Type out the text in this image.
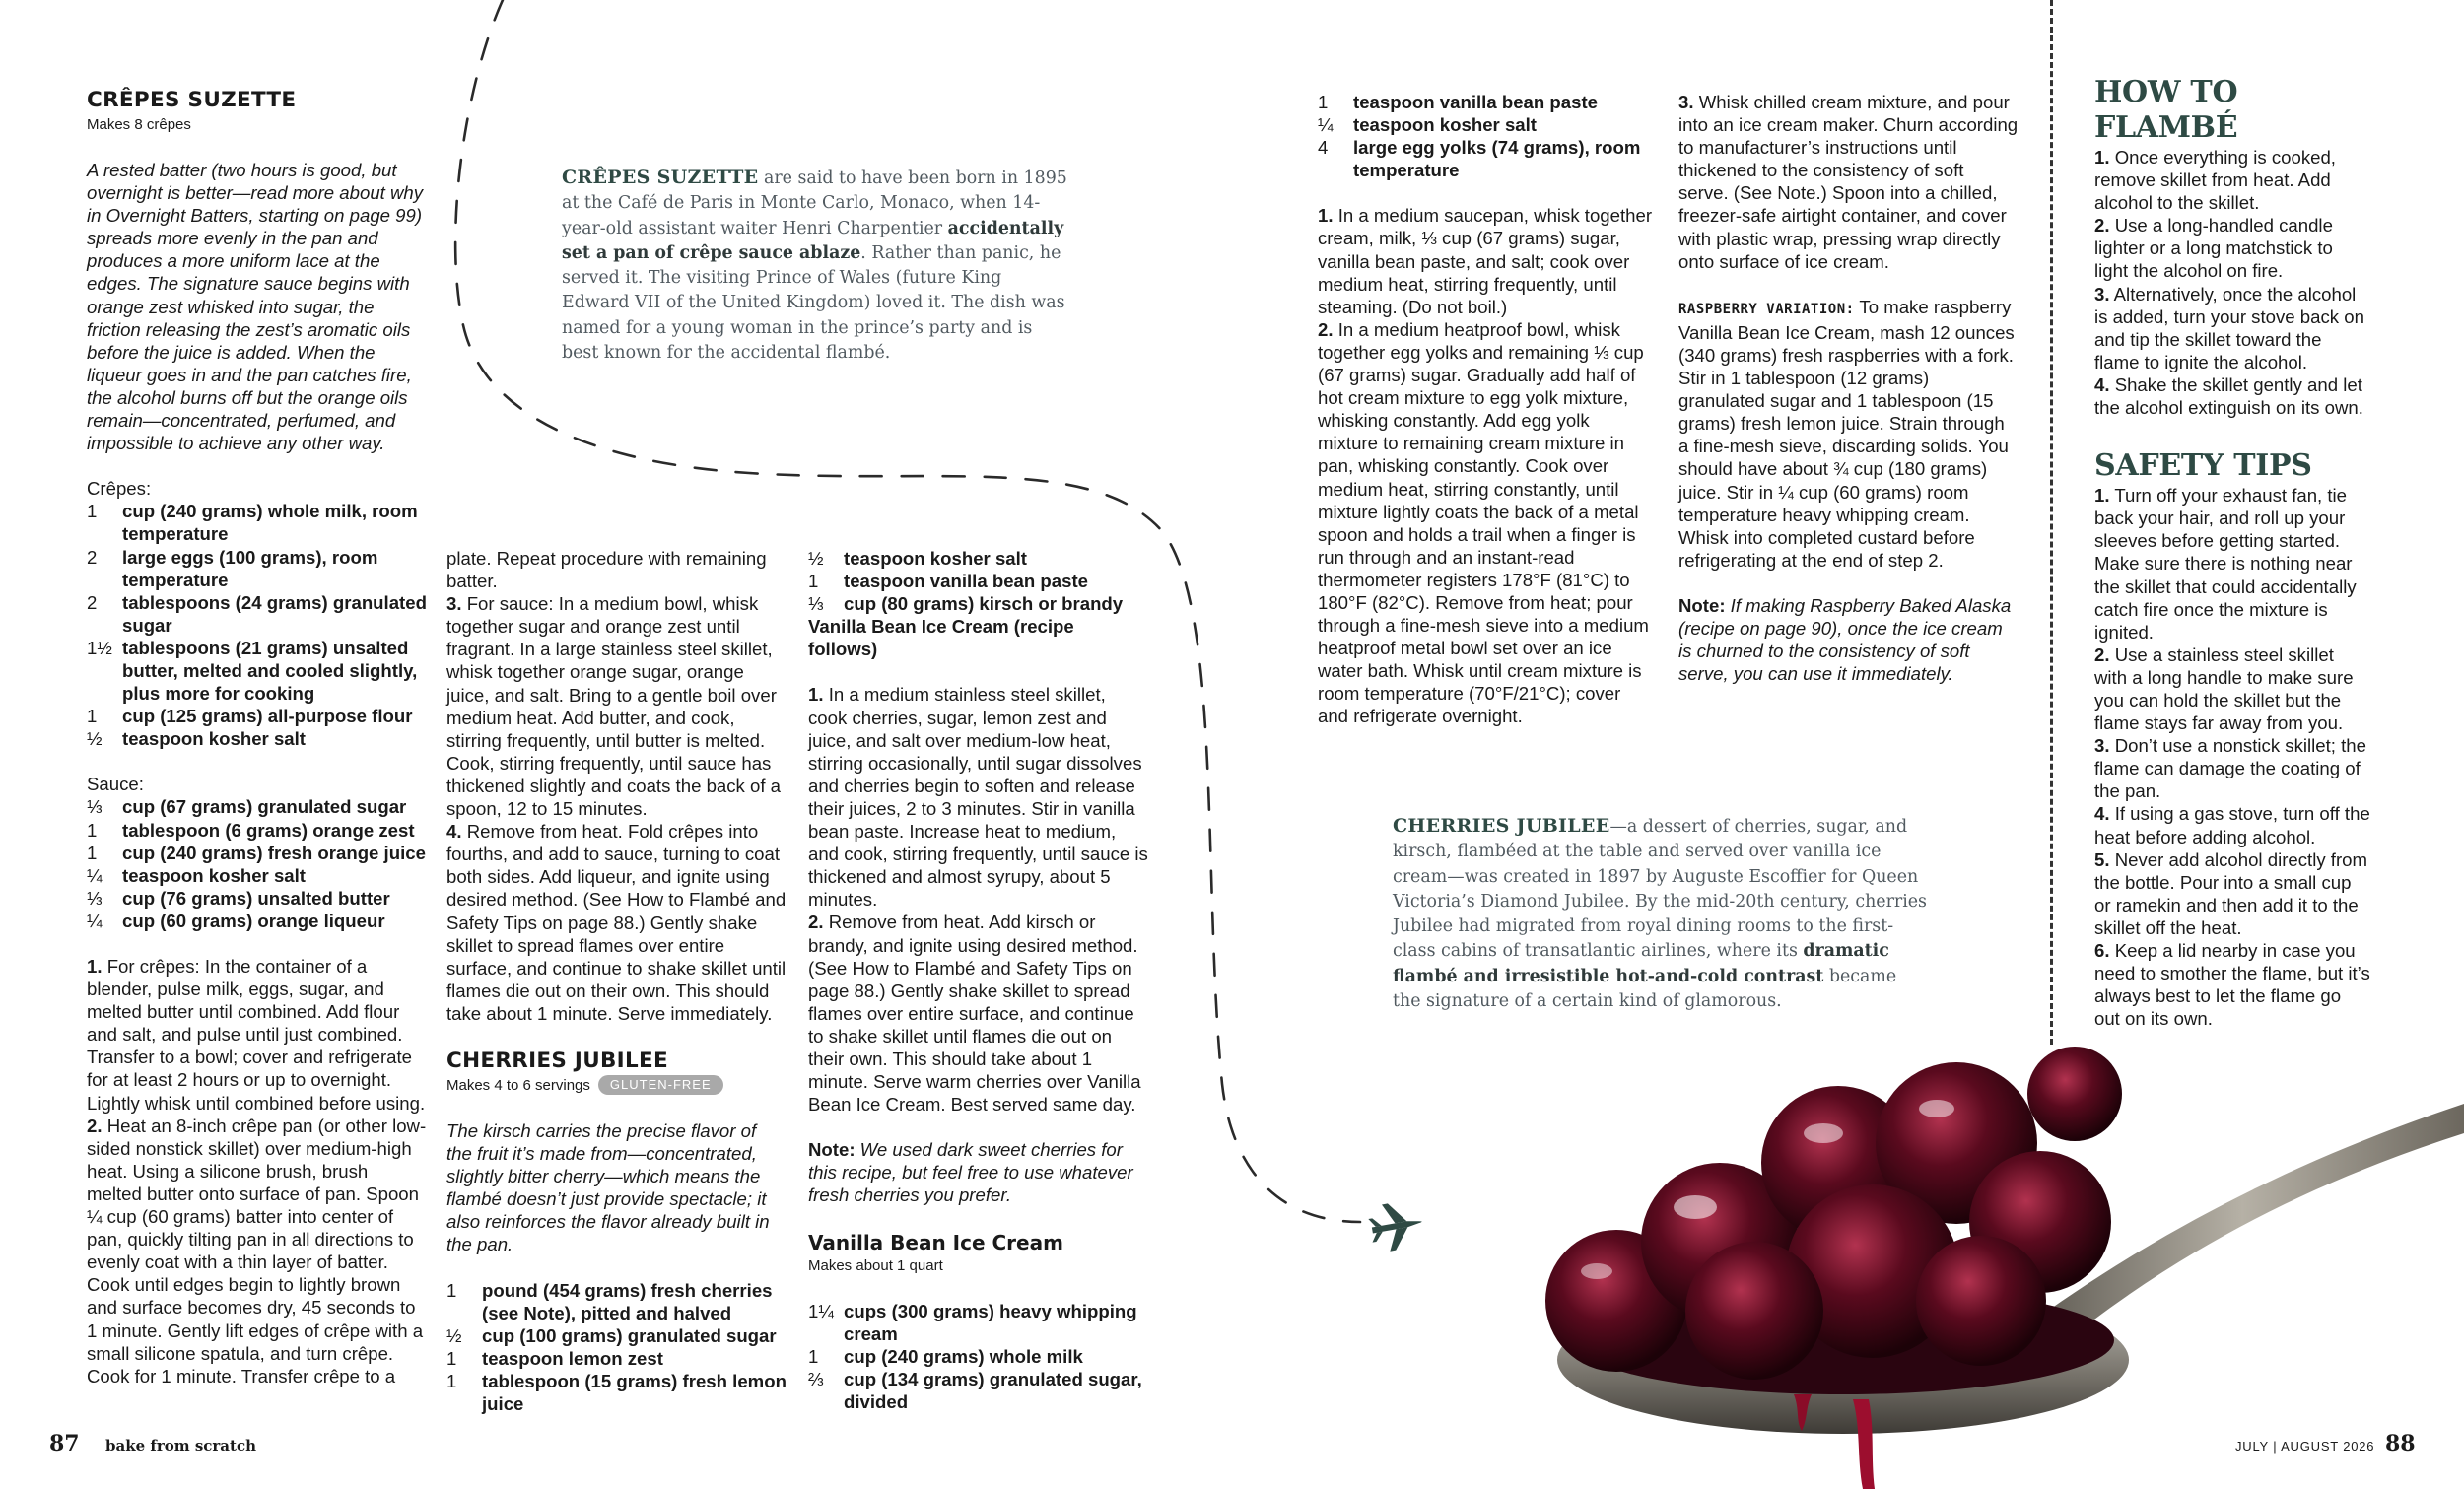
CRÊPES SUZETTE

Makes 8 crêpes

A rested batter (two hours is good, but overnight is better—read more about why in Overnight Batters, starting on page 99) spreads more evenly in the pan and produces a more uniform lace at the edges. The signature sauce begins with orange zest whisked into sugar, the friction releasing the zest’s aromatic oils before the juice is added. When the liqueur goes in and the pan catches fire, the alcohol burns off but the orange oils remain—concentrated, perfumed, and impossible to achieve any other way.

Crêpes:

1	cup (240 grams) whole milk, room temperature
2	large eggs (100 grams), room temperature
2	tablespoons (24 grams) granulated sugar
1½ tablespoons (21 grams) unsalted butter, melted and cooled slightly, plus more for cooking
1	cup (125 grams) all-purpose flour
½	teaspoon kosher salt

Sauce:

⅓	cup (67 grams) granulated sugar
1	tablespoon (6 grams) orange zest
1	cup (240 grams) fresh orange juice
¼	teaspoon kosher salt
⅓	cup (76 grams) unsalted butter
¼	cup (60 grams) orange liqueur

1. For crêpes: In the container of a blender, pulse milk, eggs, sugar, and melted butter until combined. Add flour and salt, and pulse until just combined. Transfer to a bowl; cover and refrigerate for at least 2 hours or up to overnight. Lightly whisk until combined before using.

2. Heat an 8-inch crêpe pan (or other low-sided nonstick skillet) over medium-high heat. Using a silicone brush, brush melted butter onto surface of pan. Spoon ¼ cup (60 grams) batter into center of pan, quickly tilting pan in all directions to evenly coat with a thin layer of batter. Cook until edges begin to lightly brown and surface becomes dry, 45 seconds to 1 minute. Gently lift edges of crêpe with a small silicone spatula, and turn crêpe. Cook for 1 minute. Transfer crêpe to a

CRÊPES SUZETTE are said to have been born in 1895 at the Café de Paris in Monte Carlo, Monaco, when 14-year-old assistant waiter Henri Charpentier accidentally set a pan of crêpe sauce ablaze. Rather than panic, he served it. The visiting Prince of Wales (future King Edward VII of the United Kingdom) loved it. The dish was named for a young woman in the prince’s party and is best known for the accidental flambé.

plate. Repeat procedure with remaining batter.

3. For sauce: In a medium bowl, whisk together sugar and orange zest until fragrant. In a large stainless steel skillet, whisk together orange sugar, orange juice, and salt. Bring to a gentle boil over medium heat. Add butter, and cook, stirring frequently, until butter is melted. Cook, stirring frequently, until sauce has thickened slightly and coats the back of a spoon, 12 to 15 minutes.

4. Remove from heat. Fold crêpes into fourths, and add to sauce, turning to coat both sides. Add liqueur, and ignite using desired method. (See How to Flambé and Safety Tips on page 88.) Gently shake skillet to spread flames over entire surface, and continue to shake skillet until flames die out on their own. This should take about 1 minute. Serve immediately.

CHERRIES JUBILEE

Makes 4 to 6 servings GLUTEN-FREE

The kirsch carries the precise flavor of the fruit it’s made from—concentrated, slightly bitter cherry—which means the flambé doesn’t just provide spectacle; it also reinforces the flavor already built in the pan.

1	pound (454 grams) fresh cherries (see Note), pitted and halved
½	cup (100 grams) granulated sugar
1	teaspoon lemon zest
1	tablespoon (15 grams) fresh lemon juice
½	teaspoon kosher salt
1	teaspoon vanilla bean paste
⅓	cup (80 grams) kirsch or brandy

Vanilla Bean Ice Cream (recipe follows)

1. In a medium stainless steel skillet, cook cherries, sugar, lemon zest and juice, and salt over medium-low heat, stirring occasionally, until sugar dissolves and cherries begin to soften and release their juices, 2 to 3 minutes. Stir in vanilla bean paste. Increase heat to medium, and cook, stirring frequently, until sauce is thickened and almost syrupy, about 5 minutes.

2. Remove from heat. Add kirsch or brandy, and ignite using desired method. (See How to Flambé and Safety Tips on page 88.) Gently shake skillet to spread flames over entire surface, and continue to shake skillet until flames die out on their own. This should take about 1 minute. Serve warm cherries over Vanilla Bean Ice Cream. Best served same day.

Note: We used dark sweet cherries for this recipe, but feel free to use whatever fresh cherries you prefer.

Vanilla Bean Ice Cream

Makes about 1 quart

1¼ cups (300 grams) heavy whipping cream
1	cup (240 grams) whole milk
⅔	cup (134 grams) granulated sugar, divided
1	teaspoon vanilla bean paste
¼	teaspoon kosher salt
4	large egg yolks (74 grams), room temperature

1. In a medium saucepan, whisk together cream, milk, ⅓ cup (67 grams) sugar, vanilla bean paste, and salt; cook over medium heat, stirring frequently, until steaming. (Do not boil.)

2. In a medium heatproof bowl, whisk together egg yolks and remaining ⅓ cup (67 grams) sugar. Gradually add half of hot cream mixture to egg yolk mixture, whisking constantly. Add egg yolk mixture to remaining cream mixture in pan, whisking constantly. Cook over medium heat, stirring constantly, until mixture lightly coats the back of a metal spoon and holds a trail when a finger is run through and an instant-read thermometer registers 178°F (81°C) to 180°F (82°C). Remove from heat; pour through a fine-mesh sieve into a medium heatproof metal bowl set over an ice water bath. Whisk until cream mixture is room temperature (70°F/21°C); cover and refrigerate overnight.

3. Whisk chilled cream mixture, and pour into an ice cream maker. Churn according to manufacturer’s instructions until thickened to the consistency of soft serve. (See Note.) Spoon into a chilled, freezer-safe airtight container, and cover with plastic wrap, pressing wrap directly onto surface of ice cream.

RASPBERRY VARIATION: To make raspberry Vanilla Bean Ice Cream, mash 12 ounces (340 grams) fresh raspberries with a fork. Stir in 1 tablespoon (12 grams) granulated sugar and 1 tablespoon (15 grams) fresh lemon juice. Strain through a fine-mesh sieve, discarding solids. You should have about ¾ cup (180 grams) juice. Stir in ¼ cup (60 grams) room temperature heavy whipping cream. Whisk into completed custard before refrigerating at the end of step 2.

Note: If making Raspberry Baked Alaska (recipe on page 90), once the ice cream is churned to the consistency of soft serve, you can use it immediately.

CHERRIES JUBILEE—a dessert of cherries, sugar, and kirsch, flambéed at the table and served over vanilla ice cream—was created in 1897 by Auguste Escoffier for Queen Victoria’s Diamond Jubilee. By the mid-20th century, cherries Jubilee had migrated from royal dining rooms to the first-class cabins of transatlantic airlines, where its dramatic flambé and irresistible hot-and-cold contrast became the signature of a certain kind of glamorous.

HOW TO FLAMBÉ

1. Once everything is cooked, remove skillet from heat. Add alcohol to the skillet.

2. Use a long-handled candle lighter or a long matchstick to light the alcohol on fire.

3. Alternatively, once the alcohol is added, turn your stove back on and tip the skillet toward the flame to ignite the alcohol.

4. Shake the skillet gently and let the alcohol extinguish on its own.

SAFETY TIPS

1. Turn off your exhaust fan, tie back your hair, and roll up your sleeves before getting started. Make sure there is nothing near the skillet that could accidentally catch fire once the mixture is ignited.

2. Use a stainless steel skillet with a long handle to make sure you can hold the skillet but the flame stays far away from you.

3. Don’t use a nonstick skillet; the flame can damage the coating of the pan.

4. If using a gas stove, turn off the heat before adding alcohol.

5. Never add alcohol directly from the bottle. Pour into a small cup or ramekin and then add it to the skillet off the heat.

6. Keep a lid nearby in case you need to smother the flame, but it’s always best to let the flame go out on its own.

87 bake from scratch	JULY | AUGUST 2026 88
